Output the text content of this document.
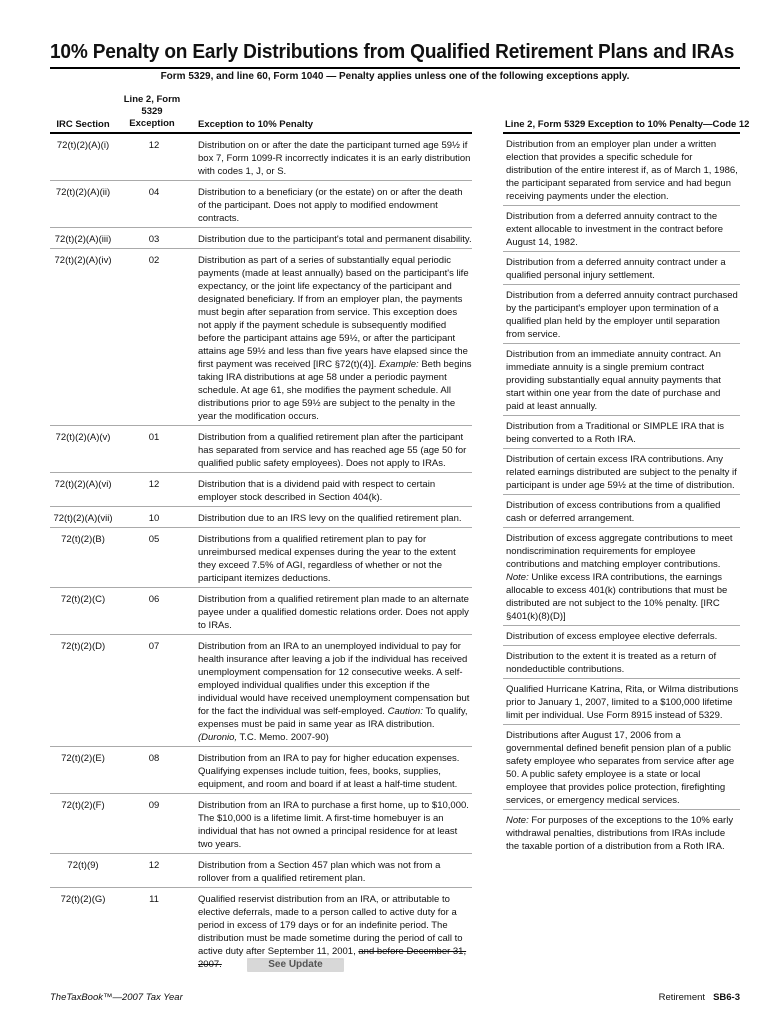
10% Penalty on Early Distributions from Qualified Retirement Plans and IRAs
Form 5329, and line 60, Form 1040 — Penalty applies unless one of the following exceptions apply.
IRC Section
Line 2, Form
5329 Exception	Exception to 10% Penalty
72(t)(2)(A)(i)	12	Distribution on or after the date the participant turned age 59½ if box 7, Form 1099-R incorrectly indicates it is an early distribution with codes 1, J, or S.
72(t)(2)(A)(ii)	04	Distribution to a beneficiary (or the estate) on or after the death of the participant. Does not apply to modified endowment contracts.
72(t)(2)(A)(iii)	03	Distribution due to the participant's total and permanent disability.
72(t)(2)(A)(iv)	02	Distribution as part of a series of substantially equal periodic payments (made at least annually) based on the participant's life expectancy, or the joint life expectancy of the participant and designated beneficiary. If from an employer plan, the payments must begin after separation from service. This exception does not apply if the payment schedule is subsequently modified before the participant attains age 59½, or after the participant attains age 59½ and less than five years have elapsed since the first payment was received [IRC §72(t)(4)]. Example: Beth begins taking IRA distributions at age 58 under a periodic payment schedule. At age 61, she modifies the payment schedule. All distributions prior to age 59½ are subject to the penalty in the year the modification occurs.
72(t)(2)(A)(v)	01	Distribution from a qualified retirement plan after the participant has separated from service and has reached age 55 (age 50 for qualified public safety employees). Does not apply to IRAs.
72(t)(2)(A)(vi)	12	Distribution that is a dividend paid with respect to certain employer stock described in Section 404(k).
72(t)(2)(A)(vii)	10	Distribution due to an IRS levy on the qualified retirement plan.
72(t)(2)(B)	05	Distributions from a qualified retirement plan to pay for unreimbursed medical expenses during the year to the extent they exceed 7.5% of AGI, regardless of whether or not the participant itemizes deductions.
72(t)(2)(C)	06	Distribution from a qualified retirement plan made to an alternate payee under a qualified domestic relations order. Does not apply to IRAs.
72(t)(2)(D)	07	Distribution from an IRA to an unemployed individual to pay for health insurance after leaving a job if the individual has received unemployment compensation for 12 consecutive weeks. A self-employed individual qualifies under this exception if the individual would have received unemployment compensation but for the fact the individual was self-employed. Caution: To qualify, expenses must be paid in same year as IRA distribution. (Duronio, T.C. Memo. 2007-90)
72(t)(2)(E)	08	Distribution from an IRA to pay for higher education expenses. Qualifying expenses include tuition, fees, books, supplies, equipment, and room and board if at least a half-time student.
72(t)(2)(F)	09	Distribution from an IRA to purchase a first home, up to $10,000. The $10,000 is a lifetime limit. A first-time homebuyer is an individual that has not owned a principal residence for at least two years.
72(t)(9)	12	Distribution from a Section 457 plan which was not from a rollover from a qualified retirement plan.
72(t)(2)(G)	11	Qualified reservist distribution from an IRA, or attributable to elective deferrals, made to a person called to active duty for a period in excess of 179 days or for an indefinite period. The distribution must be made sometime during the period of call to active duty after September 11, 2001, and before December 31, 2007.	See Update
Line 2, Form 5329 Exception to 10% Penalty—Code 12
Distribution from an employer plan under a written election that provides a specific schedule for distribution of the entire interest if, as of March 1, 1986, the participant separated from service and had begun receiving payments under the election.
Distribution from a deferred annuity contract to the extent allocable to investment in the contract before August 14, 1982.
Distribution from a deferred annuity contract under a qualified personal injury settlement.
Distribution from a deferred annuity contract purchased by the participant's employer upon termination of a qualified plan held by the employer until separation from service.
Distribution from an immediate annuity contract. An immediate annuity is a single premium contract providing substantially equal annuity payments that start within one year from the date of purchase and paid at least annually.
Distribution from a Traditional or SIMPLE IRA that is being converted to a Roth IRA.
Distribution of certain excess IRA contributions. Any related earnings distributed are subject to the penalty if participant is under age 59½ at the time of distribution.
Distribution of excess contributions from a qualified cash or deferred arrangement.
Distribution of excess aggregate contributions to meet nondiscrimination requirements for employee contributions and matching employer contributions. Note: Unlike excess IRA contributions, the earnings allocable to excess 401(k) contributions that must be distributed are not subject to the 10% penalty. [IRC §401(k)(8)(D)]
Distribution of excess employee elective deferrals.
Distribution to the extent it is treated as a return of nondeductible contributions.
Qualified Hurricane Katrina, Rita, or Wilma distributions prior to January 1, 2007, limited to a $100,000 lifetime limit per individual. Use Form 8915 instead of 5329.
Distributions after August 17, 2006 from a governmental defined benefit pension plan of a public safety employee who separates from service after age 50. A public safety employee is a state or local employee that provides police protection, firefighting services, or emergency medical services.
Note: For purposes of the exceptions to the 10% early withdrawal penalties, distributions from IRAs include the taxable portion of a distribution from a Roth IRA.
TheTaxBook™—2007 Tax Year	Retirement SB6-3
